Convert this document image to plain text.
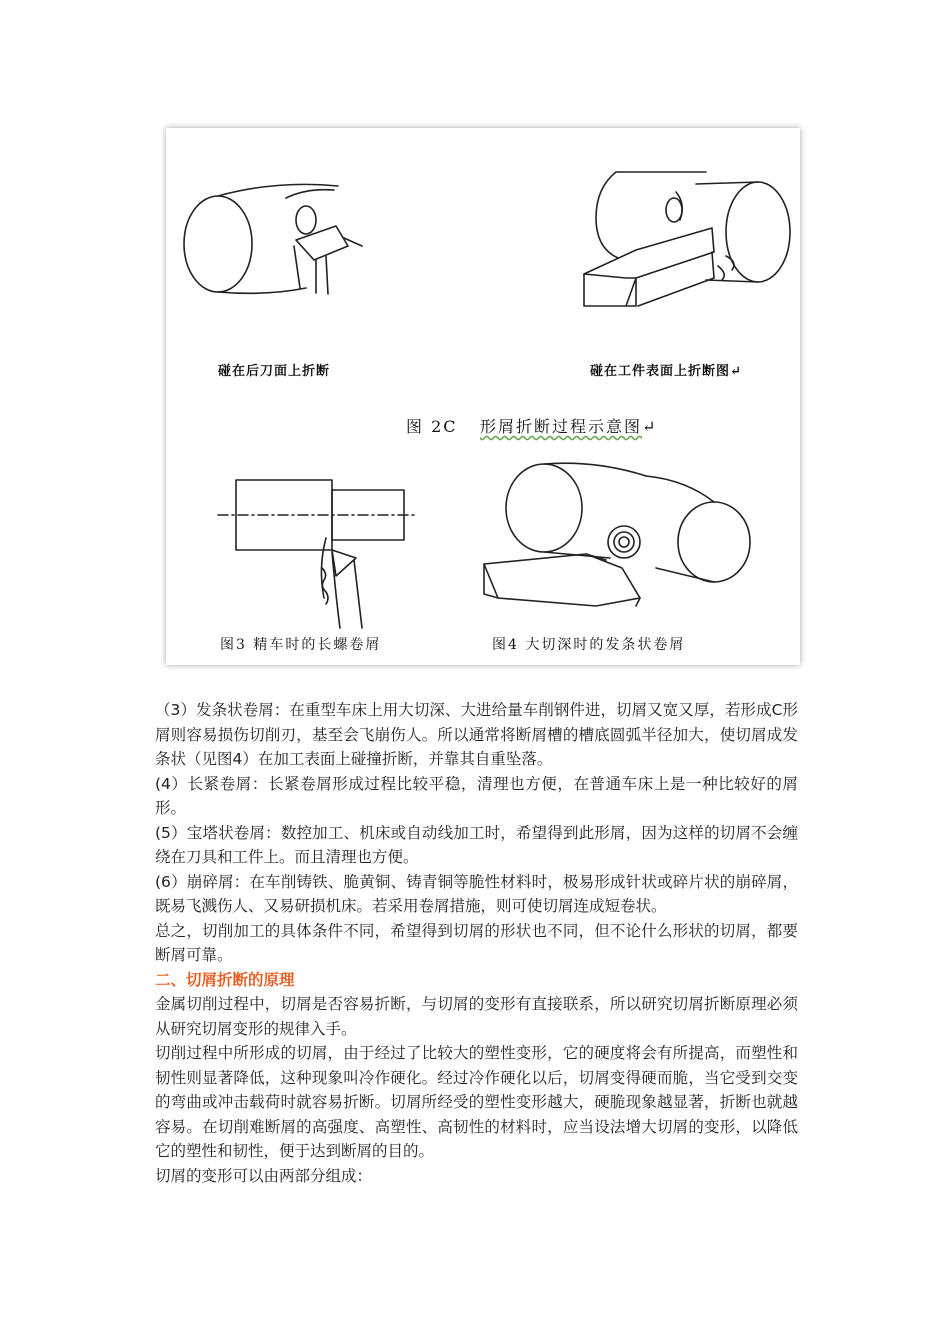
碰在后刀面上折断	碰在工件表面上折断图↵
图 2C 形屑折断过程示意图↵
图3 精车时的长螺卷屑	图4 大切深时的发条状卷屑

（3）发条状卷屑：在重型车床上用大切深、大进给量车削钢件进，切屑又宽又厚，若形成C形屑则容易损伤切削刃，基至会飞崩伤人。所以通常将断屑槽的槽底圆弧半径加大，使切屑成发条状（见图4）在加工表面上碰撞折断，并靠其自重坠落。

(4）长紧卷屑：长紧卷屑形成过程比较平稳，清理也方便，在普通车床上是一种比较好的屑形。

(5）宝塔状卷屑：数控加工、机床或自动线加工时，希望得到此形屑，因为这样的切屑不会缠绕在刀具和工件上。而且清理也方便。

(6）崩碎屑：在车削铸铁、脆黄铜、铸青铜等脆性材料时，极易形成针状或碎片状的崩碎屑，既易飞溅伤人、又易研损机床。若采用卷屑措施，则可使切屑连成短卷状。

总之，切削加工的具体条件不同，希望得到切屑的形状也不同，但不论什么形状的切屑，都要断屑可靠。

二、切屑折断的原理

金属切削过程中，切屑是否容易折断，与切屑的变形有直接联系，所以研究切屑折断原理必须从研究切屑变形的规律入手。

切削过程中所形成的切屑，由于经过了比较大的塑性变形，它的硬度将会有所提高，而塑性和韧性则显著降低，这种现象叫冷作硬化。经过冷作硬化以后，切屑变得硬而脆，当它受到交变的弯曲或冲击载荷时就容易折断。切屑所经受的塑性变形越大，硬脆现象越显著，折断也就越容易。在切削难断屑的高强度、高塑性、高韧性的材料时，应当设法增大切屑的变形，以降低它的塑性和韧性，便于达到断屑的目的。

切屑的变形可以由两部分组成：
